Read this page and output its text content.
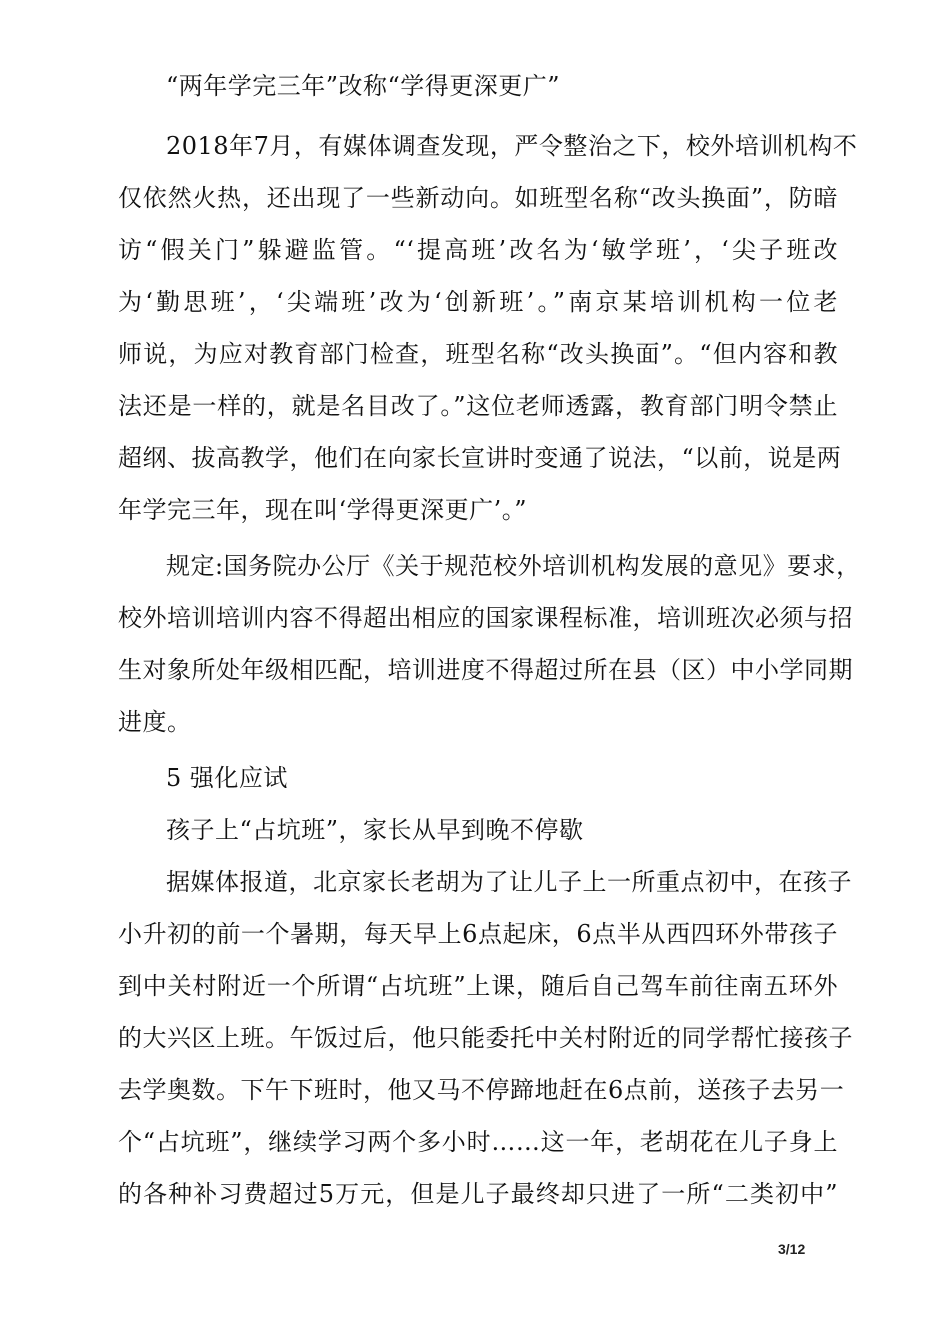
“两年学完三年”改称“学得更深更广”
2018年7月，有媒体调查发现，严令整治之下，校外培训机构不
仅依然火热，还出现了一些新动向。如班型名称“改头换面”，防暗
访“假关门”躲避监管。“‘提高班’改名为‘敏学班’，‘尖子班改
为‘勤思班’，‘尖端班’改为‘创新班’。”南京某培训机构一位老
师说，为应对教育部门检查，班型名称“改头换面”。“但内容和教
法还是一样的，就是名目改了。”这位老师透露，教育部门明令禁止
超纲、拔高教学，他们在向家长宣讲时变通了说法，“以前，说是两
年学完三年，现在叫‘学得更深更广’。”
规定:国务院办公厅《关于规范校外培训机构发展的意见》要求，
校外培训培训内容不得超出相应的国家课程标准，培训班次必须与招
生对象所处年级相匹配，培训进度不得超过所在县（区）中小学同期
进度。
5 强化应试
孩子上“占坑班”，家长从早到晚不停歇
据媒体报道，北京家长老胡为了让儿子上一所重点初中，在孩子
小升初的前一个暑期，每天早上6点起床，6点半从西四环外带孩子
到中关村附近一个所谓“占坑班”上课，随后自己驾车前往南五环外
的大兴区上班。午饭过后，他只能委托中关村附近的同学帮忙接孩子
去学奥数。下午下班时，他又马不停蹄地赶在6点前，送孩子去另一
个“占坑班”，继续学习两个多小时……这一年，老胡花在儿子身上
的各种补习费超过5万元，但是儿子最终却只进了一所“二类初中”
3/12
